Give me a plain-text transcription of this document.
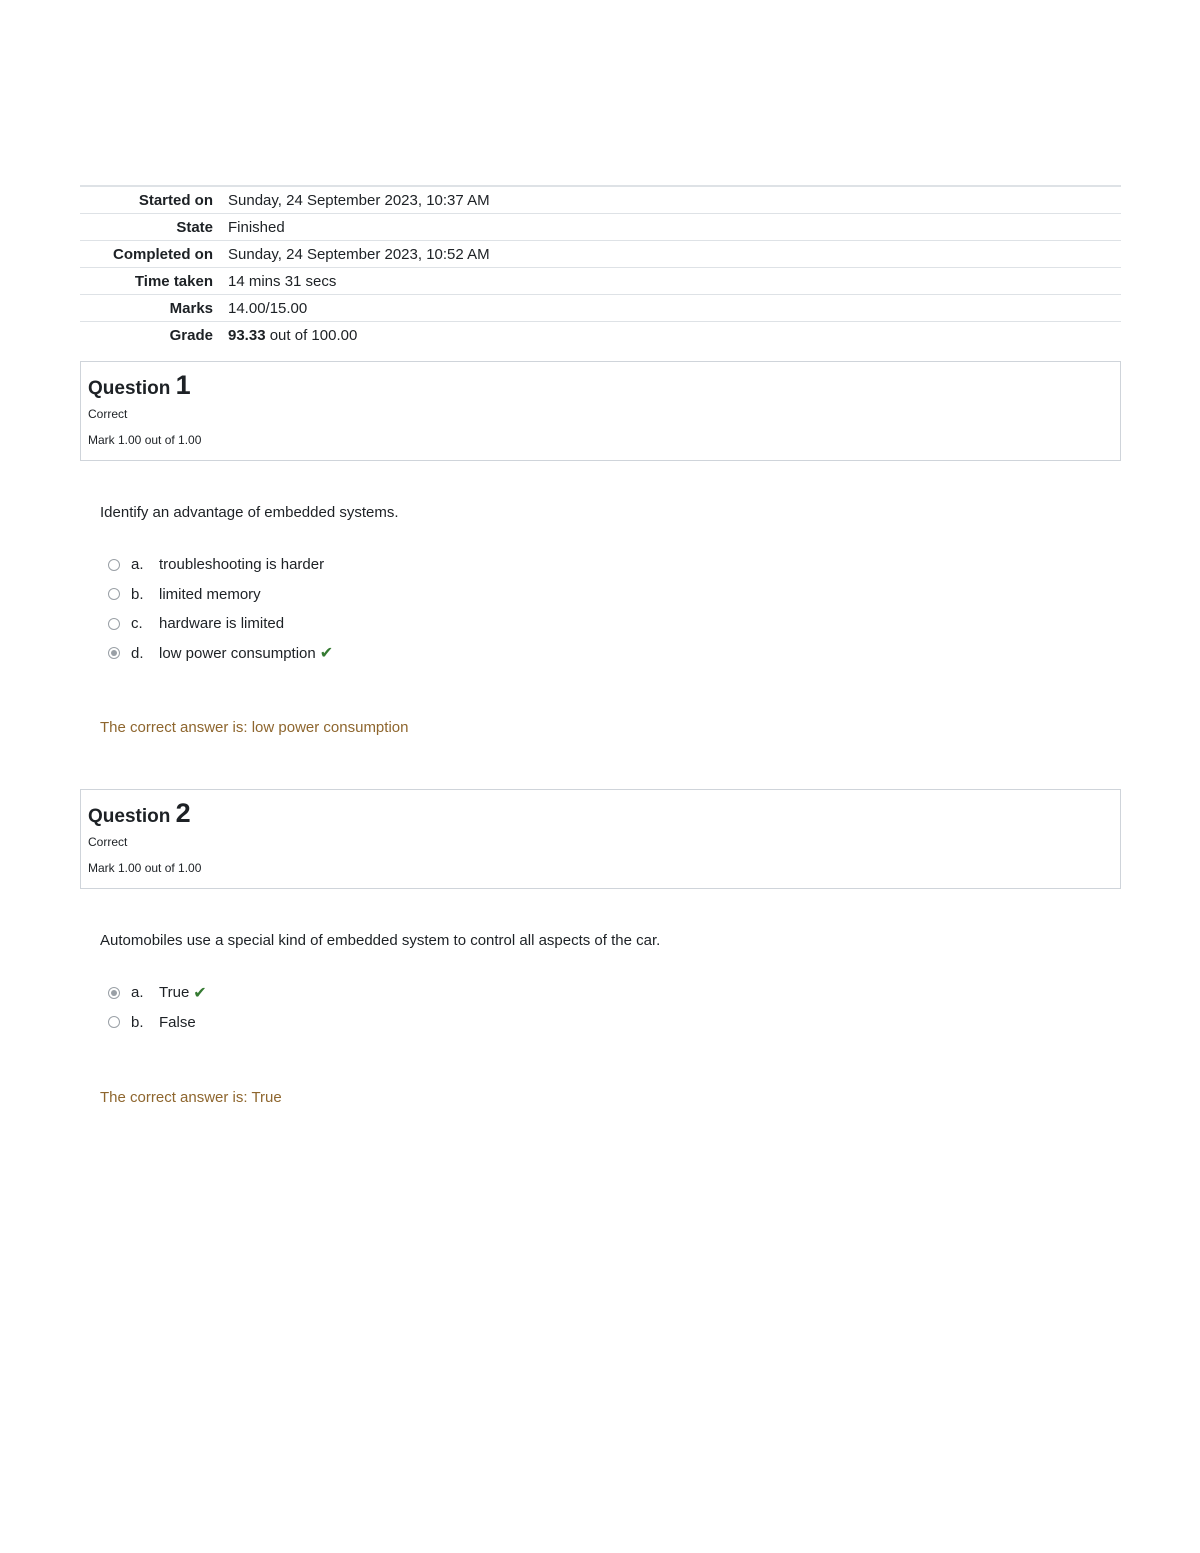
Started on	Sunday, 24 September 2023, 10:37 AM
State	Finished
Completed on	Sunday, 24 September 2023, 10:52 AM
Time taken	14 mins 31 secs
Marks	14.00/15.00
Grade	93.33 out of 100.00
Question 1
Correct
Mark 1.00 out of 1.00
Identify an advantage of embedded systems.
a.	troubleshooting is harder
b.	limited memory
c.	hardware is limited
d.	low power consumption ✔
The correct answer is: low power consumption
Question 2
Correct
Mark 1.00 out of 1.00
Automobiles use a special kind of embedded system to control all aspects of the car.
a.	True ✔
b.	False
The correct answer is: True
